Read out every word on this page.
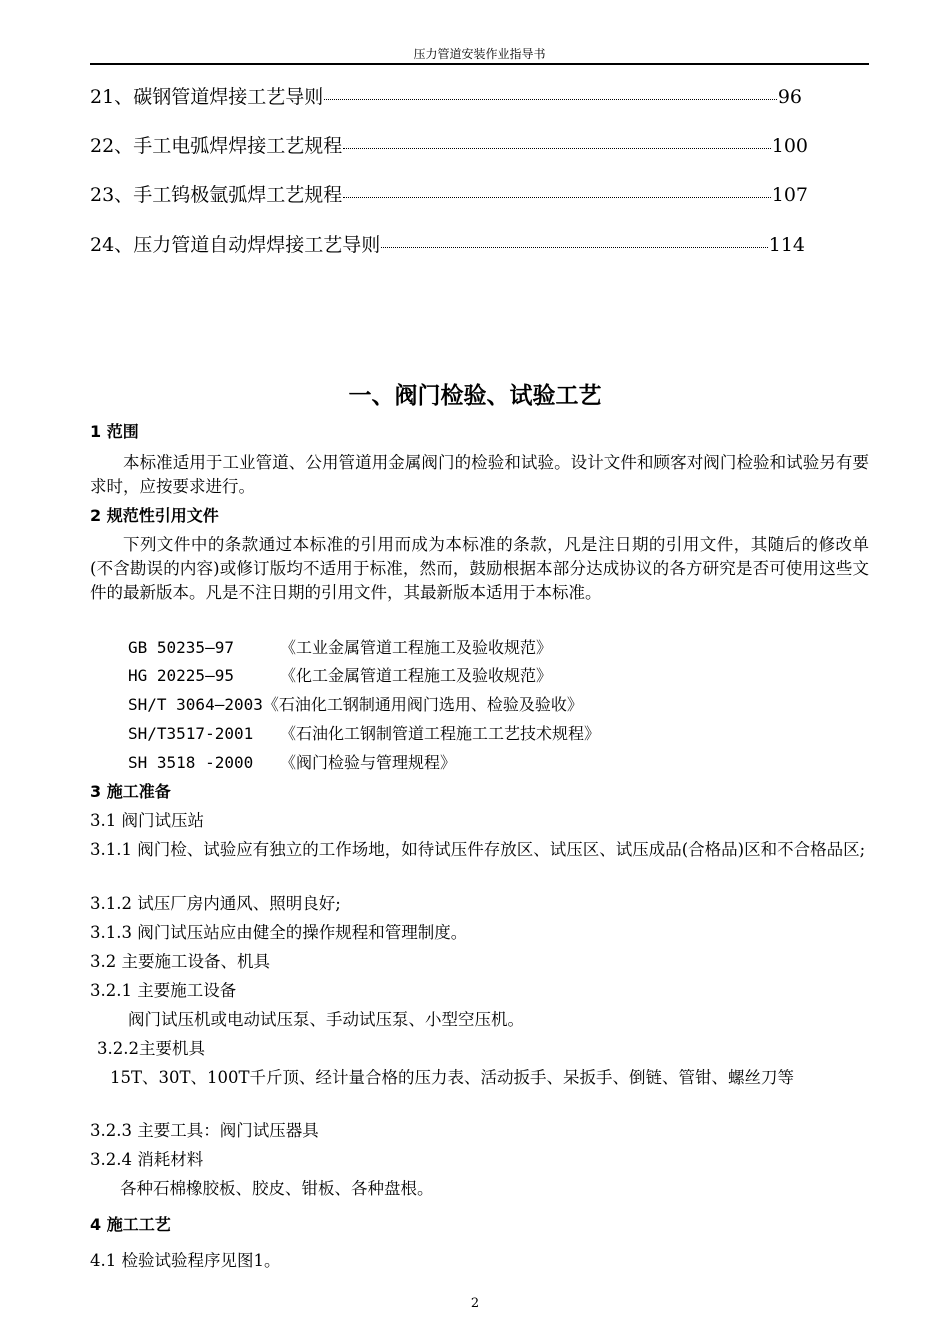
压力管道安装作业指导书
21、 碳钢管道焊接工艺导则	96
22、 手工电弧焊焊接工艺规程	100
23、 手工钨极氩弧焊工艺规程	107
24、 压力管道自动焊焊接工艺导则	114
一、阀门检验、试验工艺
1 范围
本标准适用于工业管道、公用管道用金属阀门的检验和试验。设计文件和顾客对阀门检验和试验另有要求时，应按要求进行。
2 规范性引用文件
下列文件中的条款通过本标准的引用而成为本标准的条款，凡是注日期的引用文件，其随后的修改单(不含勘误的内容)或修订版均不适用于标准，然而，鼓励根据本部分达成协议的各方研究是否可使用这些文件的最新版本。凡是不注日期的引用文件，其最新版本适用于本标准。
GB 50235—97	《工业金属管道工程施工及验收规范》
HG 20225—95	《化工金属管道工程施工及验收规范》
SH/T 3064—2003《石油化工钢制通用阀门选用、检验及验收》
SH/T3517-2001 《石油化工钢制管道工程施工工艺技术规程》
SH 3518 -2000 《阀门检验与管理规程》
3 施工准备
3.1 阀门试压站
3.1.1 阀门检、试验应有独立的工作场地，如待试压件存放区、试压区、试压成品(合格品)区和不合格品区;
3.1.2 试压厂房内通风、照明良好;
3.1.3 阀门试压站应由健全的操作规程和管理制度。
3.2 主要施工设备、机具
3.2.1 主要施工设备
阀门试压机或电动试压泵、手动试压泵、小型空压机。
3.2.2主要机具
15T、30T、100T千斤顶、经计量合格的压力表、活动扳手、呆扳手、倒链、管钳、螺丝刀等
3.2.3 主要工具：阀门试压器具
3.2.4 消耗材料
各种石棉橡胶板、胶皮、钳板、各种盘根。
4 施工工艺
4.1 检验试验程序见图1。
2
